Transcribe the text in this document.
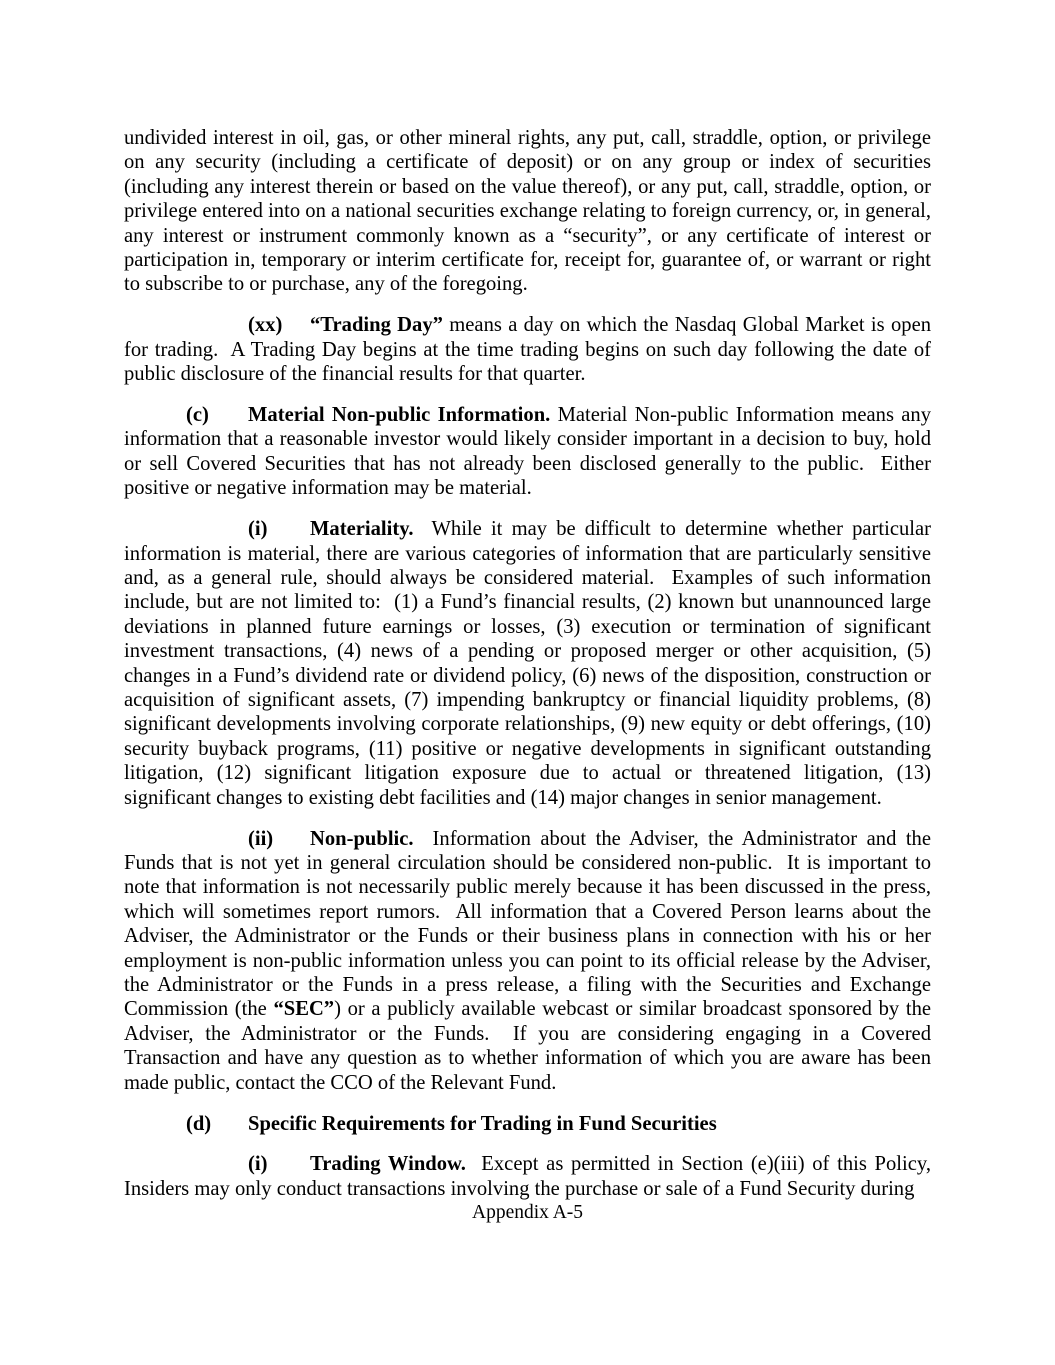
undivided interest in oil, gas, or other mineral rights, any put, call, straddle, option, or privilege on any security (including a certificate of deposit) or on any group or index of securities (including any interest therein or based on the value thereof), or any put, call, straddle, option, or privilege entered into on a national securities exchange relating to foreign currency, or, in general, any interest or instrument commonly known as a “security”, or any certificate of interest or participation in, temporary or interim certificate for, receipt for, guarantee of, or warrant or right to subscribe to or purchase, any of the foregoing.

(xx) “Trading Day” means a day on which the Nasdaq Global Market is open for trading.  A Trading Day begins at the time trading begins on such day following the date of public disclosure of the financial results for that quarter.

(c) Material Non-public Information. Material Non-public Information means any information that a reasonable investor would likely consider important in a decision to buy, hold or sell Covered Securities that has not already been disclosed generally to the public.  Either positive or negative information may be material.

(i) Materiality.  While it may be difficult to determine whether particular information is material, there are various categories of information that are particularly sensitive and, as a general rule, should always be considered material.  Examples of such information include, but are not limited to:  (1) a Fund’s financial results, (2) known but unannounced large deviations in planned future earnings or losses, (3) execution or termination of significant investment transactions, (4) news of a pending or proposed merger or other acquisition, (5) changes in a Fund’s dividend rate or dividend policy, (6) news of the disposition, construction or acquisition of significant assets, (7) impending bankruptcy or financial liquidity problems, (8) significant developments involving corporate relationships, (9) new equity or debt offerings, (10) security buyback programs, (11) positive or negative developments in significant outstanding litigation, (12) significant litigation exposure due to actual or threatened litigation, (13) significant changes to existing debt facilities and (14) major changes in senior management.

(ii) Non-public.  Information about the Adviser, the Administrator and the Funds that is not yet in general circulation should be considered non-public.  It is important to note that information is not necessarily public merely because it has been discussed in the press, which will sometimes report rumors.  All information that a Covered Person learns about the Adviser, the Administrator or the Funds or their business plans in connection with his or her employment is non-public information unless you can point to its official release by the Adviser, the Administrator or the Funds in a press release, a filing with the Securities and Exchange Commission (the “SEC”) or a publicly available webcast or similar broadcast sponsored by the Adviser, the Administrator or the Funds.  If you are considering engaging in a Covered Transaction and have any question as to whether information of which you are aware has been made public, contact the CCO of the Relevant Fund.

(d) Specific Requirements for Trading in Fund Securities

(i) Trading Window.  Except as permitted in Section (e)(iii) of this Policy, Insiders may only conduct transactions involving the purchase or sale of a Fund Security during

Appendix A-5
